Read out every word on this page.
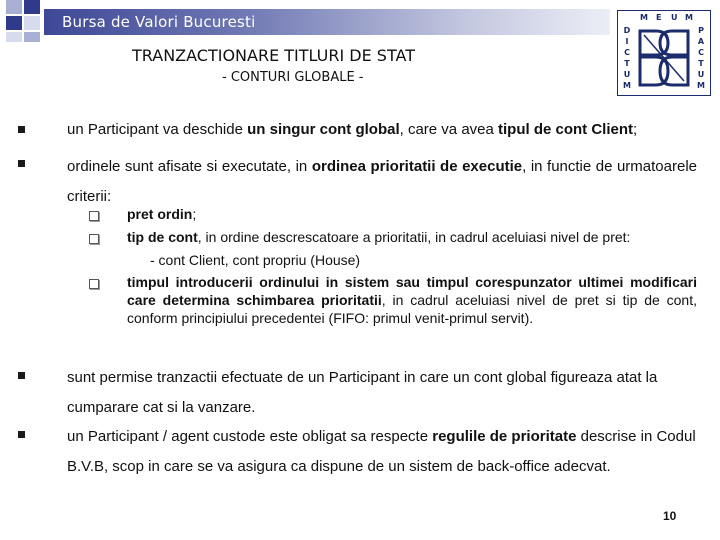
Bursa de Valori Bucuresti
TRANZACTIONARE TITLURI DE STAT
- CONTURI GLOBALE -
D
I
C
T
U
M
P
A
C
T
U
M
M E U M
un Participant va deschide un singur cont global, care va avea tipul de cont Client;
ordinele sunt afisate si executate, in ordinea prioritatii de executie, in functie de urmatoarele criterii:
pret ordin;
tip de cont, in ordine descrescatoare a prioritatii, in cadrul aceluiasi nivel de pret:
- cont Client, cont propriu (House)
timpul introducerii ordinului in sistem sau timpul corespunzator ultimei modificari care determina schimbarea prioritatii, in cadrul aceluiasi nivel de pret si tip de cont, conform principiului precedentei (FIFO: primul venit-primul servit).
sunt permise tranzactii efectuate de un Participant in care un cont global figureaza atat la cumparare cat si la vanzare.
un Participant / agent custode este obligat sa respecte regulile de prioritate descrise in Codul B.V.B, scop in care se va asigura ca dispune de un sistem de back-office adecvat.
10
